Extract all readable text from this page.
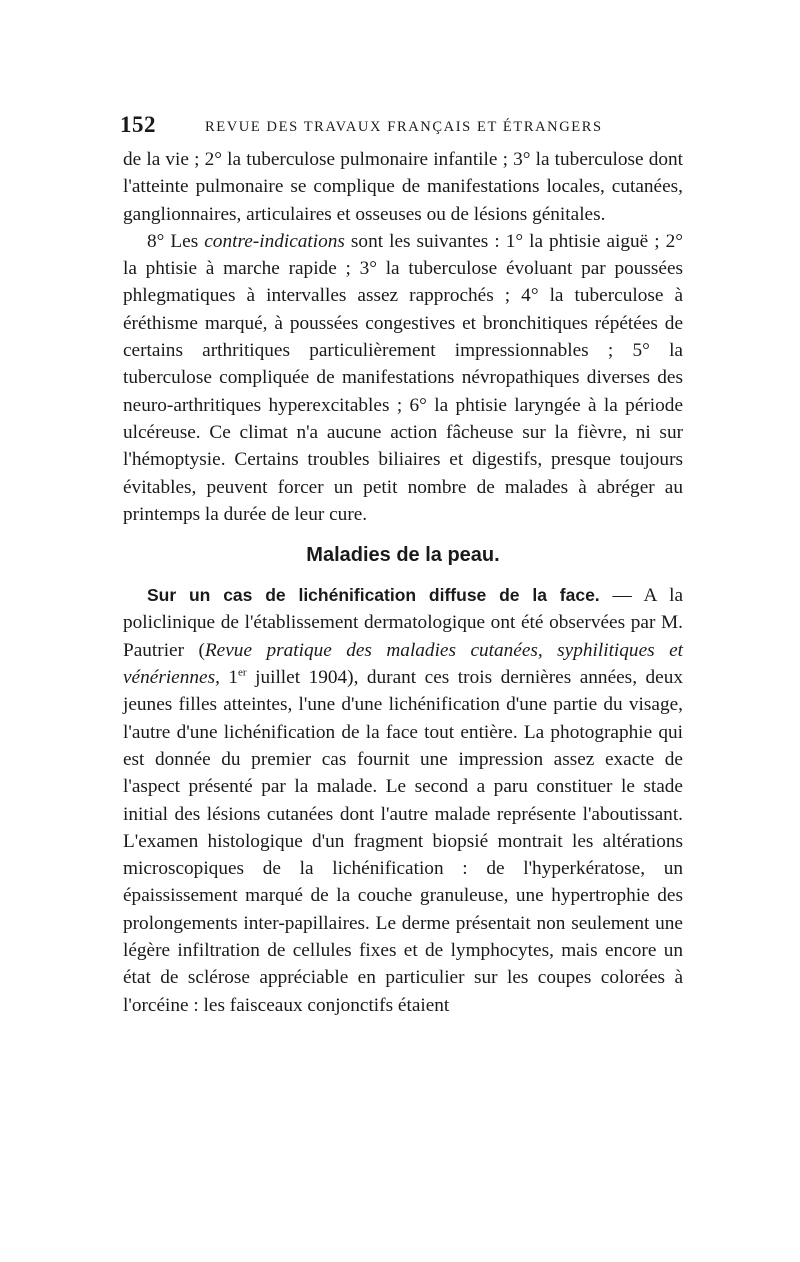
152	REVUE DES TRAVAUX FRANÇAIS ET ÉTRANGERS

de la vie ; 2° la tuberculose pulmonaire infantile ; 3° la tuberculose dont l'atteinte pulmonaire se complique de manifestations locales, cutanées, ganglionnaires, articulaires et osseuses ou de lésions génitales.

8° Les contre-indications sont les suivantes : 1° la phtisie aiguë ; 2° la phtisie à marche rapide ; 3° la tuberculose évoluant par poussées phlegmatiques à intervalles assez rapprochés ; 4° la tuberculose à éréthisme marqué, à poussées congestives et bronchitiques répétées de certains arthritiques particulièrement impressionnables ; 5° la tuberculose compliquée de manifestations névropathiques diverses des neuro-arthritiques hyperexcitables ; 6° la phtisie laryngée à la période ulcéreuse. Ce climat n'a aucune action fâcheuse sur la fièvre, ni sur l'hémoptysie. Certains troubles biliaires et digestifs, presque toujours évitables, peuvent forcer un petit nombre de malades à abréger au printemps la durée de leur cure.

Maladies de la peau.

Sur un cas de lichénification diffuse de la face. — A la policlinique de l'établissement dermatologique ont été observées par M. Pautrier (Revue pratique des maladies cutanées, syphilitiques et vénériennes, 1er juillet 1904), durant ces trois dernières années, deux jeunes filles atteintes, l'une d'une lichénification d'une partie du visage, l'autre d'une lichénification de la face tout entière. La photographie qui est donnée du premier cas fournit une impression assez exacte de l'aspect présenté par la malade. Le second a paru constituer le stade initial des lésions cutanées dont l'autre malade représente l'aboutissant. L'examen histologique d'un fragment biopsié montrait les altérations microscopiques de la lichénification : de l'hyperkératose, un épaississement marqué de la couche granuleuse, une hypertrophie des prolongements inter-papillaires. Le derme présentait non seulement une légère infiltration de cellules fixes et de lymphocytes, mais encore un état de sclérose appréciable en particulier sur les coupes colorées à l'orcéine : les faisceaux conjonctifs étaient
